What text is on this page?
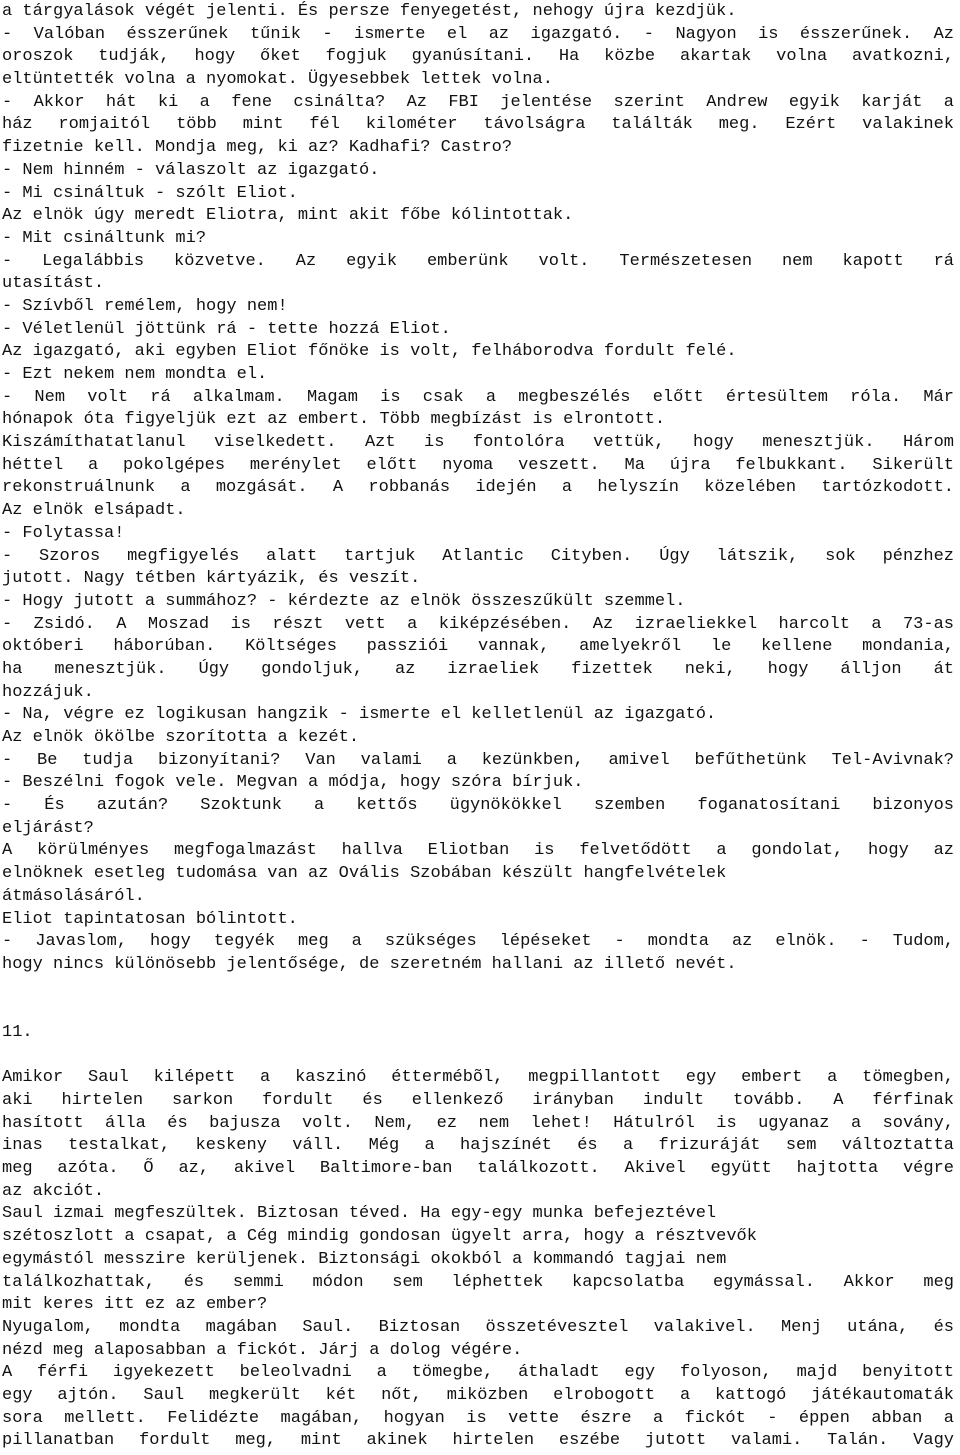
a tárgyalások végét jelenti. És persze fenyegetést, nehogy újra kezdjük.
- Valóban ésszerűnek tűnik - ismerte el az igazgató. - Nagyon is ésszerűnek. Az
oroszok tudják, hogy őket fogjuk gyanúsítani. Ha közbe akartak volna avatkozni,
eltüntették volna a nyomokat. Ügyesebbek lettek volna.
- Akkor hát ki a fene csinálta? Az FBI jelentése szerint Andrew egyik karját a
ház romjaitól több mint fél kilométer távolságra találták meg. Ezért valakinek
fizetnie kell. Mondja meg, ki az? Kadhafi? Castro?
- Nem hinném - válaszolt az igazgató.
- Mi csináltuk - szólt Eliot.
Az elnök úgy meredt Eliotra, mint akit főbe kólintottak.
- Mit csináltunk mi?
- Legalábbis közvetve. Az egyik emberünk volt. Természetesen nem kapott rá
utasítást.
- Szívből remélem, hogy nem!
- Véletlenül jöttünk rá - tette hozzá Eliot.
Az igazgató, aki egyben Eliot főnöke is volt, felháborodva fordult felé.
- Ezt nekem nem mondta el.
- Nem volt rá alkalmam. Magam is csak a megbeszélés előtt értesültem róla. Már
hónapok óta figyeljük ezt az embert. Több megbízást is elrontott.
Kiszámíthatatlanul viselkedett. Azt is fontolóra vettük, hogy menesztjük. Három
héttel a pokolgépes merénylet előtt nyoma veszett. Ma újra felbukkant. Sikerült
rekonstruálnunk a mozgását. A robbanás idején a helyszín közelében tartózkodott.
Az elnök elsápadt.
- Folytassa!
- Szoros megfigyelés alatt tartjuk Atlantic Cityben. Úgy látszik, sok pénzhez
jutott. Nagy tétben kártyázik, és veszít.
- Hogy jutott a summához? - kérdezte az elnök összeszűkült szemmel.
- Zsidó. A Moszad is részt vett a kiképzésében. Az izraeliekkel harcolt a 73-as
októberi háborúban. Költséges passziói vannak, amelyekről le kellene mondania,
ha menesztjük. Úgy gondoljuk, az izraeliek fizettek neki, hogy álljon át
hozzájuk.
- Na, végre ez logikusan hangzik - ismerte el kelletlenül az igazgató.
Az elnök ökölbe szorította a kezét.
- Be tudja bizonyítani? Van valami a kezünkben, amivel befűthetünk Tel-Avivnak?
- Beszélni fogok vele. Megvan a módja, hogy szóra bírjuk.
- És azután? Szoktunk a kettős ügynökökkel szemben foganatosítani bizonyos
eljárást?
A körülményes megfogalmazást hallva Eliotban is felvetődött a gondolat, hogy az
elnöknek esetleg tudomása van az Ovális Szobában készült hangfelvételek
átmásolásáról.
Eliot tapintatosan bólintott.
- Javaslom, hogy tegyék meg a szükséges lépéseket - mondta az elnök. - Tudom,
hogy nincs különösebb jelentősége, de szeretném hallani az illető nevét.
11.
Amikor Saul kilépett a kaszinó éttermébõl, megpillantott egy embert a tömegben,
aki hirtelen sarkon fordult és ellenkező irányban indult tovább. A férfinak
hasított álla és bajusza volt. Nem, ez nem lehet! Hátulról is ugyanaz a sovány,
inas testalkat, keskeny váll. Még a hajszínét és a frizuráját sem változtatta
meg azóta. Ő az, akivel Baltimore-ban találkozott. Akivel együtt hajtotta végre
az akciót.
Saul izmai megfeszültek. Biztosan téved. Ha egy-egy munka befejeztével
szétoszlott a csapat, a Cég mindig gondosan ügyelt arra, hogy a résztvevők
egymástól messzire kerüljenek. Biztonsági okokból a kommandó tagjai nem
találkozhattak, és semmi módon sem léphettek kapcsolatba egymással. Akkor meg
mit keres itt ez az ember?
Nyugalom, mondta magában Saul. Biztosan összetévesztel valakivel. Menj utána, és
nézd meg alaposabban a fickót. Járj a dolog végére.
A férfi igyekezett beleolvadni a tömegbe, áthaladt egy folyoson, majd benyitott
egy ajtón. Saul megkerült két nőt, miközben elrobogott a kattogó játékautomaták
sora mellett. Felidézte magában, hogyan is vette észre a fickót - éppen abban a
pillanatban fordult meg, mint akinek hirtelen eszébe jutott valami. Talán. Vagy
